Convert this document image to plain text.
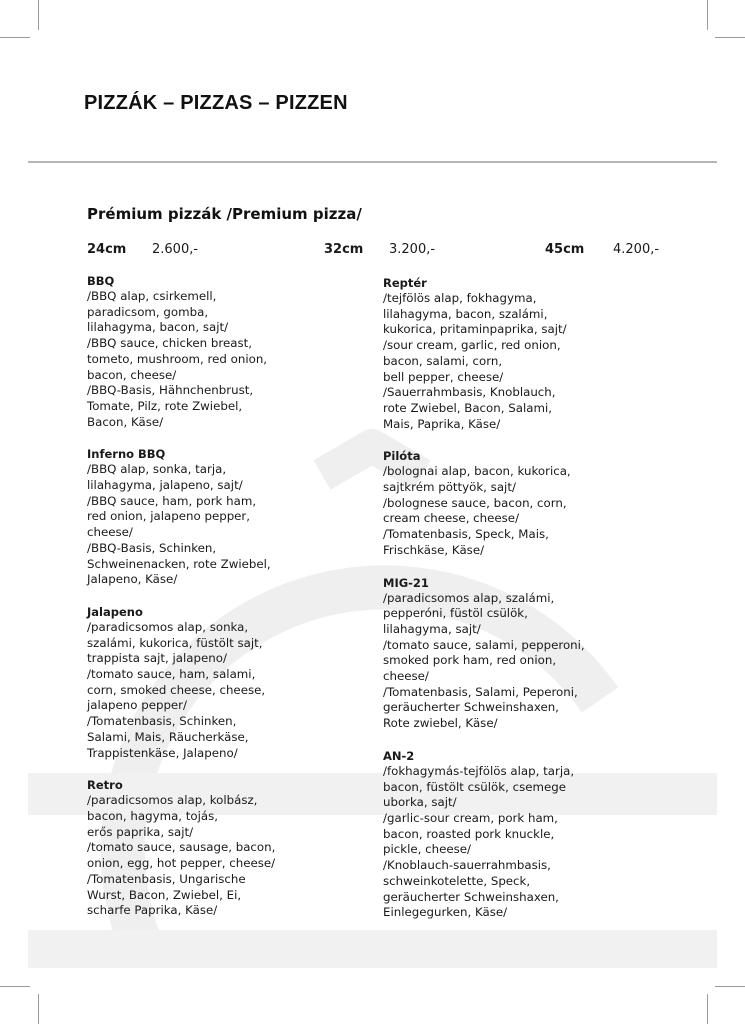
PIZZÁK – PIZZAS – PIZZEN
Prémium pizzák /Premium pizza/
24cm 2.600,-	32cm 3.200,-	45cm 4.200,-

BBQ

/BBQ alap, csirkemell,
paradicsom, gomba,
lilahagyma, bacon, sajt/
/BBQ sauce, chicken breast,
tometo, mushroom, red onion,
bacon, cheese/
/BBQ-Basis, Hähnchenbrust,
Tomate, Pilz, rote Zwiebel,
Bacon, Käse/

Inferno BBQ

/BBQ alap, sonka, tarja,
lilahagyma, jalapeno, sajt/
/BBQ sauce, ham, pork ham,
red onion, jalapeno pepper,
cheese/
/BBQ-Basis, Schinken,
Schweinenacken, rote Zwiebel,
Jalapeno, Käse/

Jalapeno

/paradicsomos alap, sonka,
szalámi, kukorica, füstölt sajt,
trappista sajt, jalapeno/
/tomato sauce, ham, salami,
corn, smoked cheese, cheese,
jalapeno pepper/
/Tomatenbasis, Schinken,
Salami, Mais, Räucherkäse,
Trappistenkäse, Jalapeno/

Retro

/paradicsomos alap, kolbász,
bacon, hagyma, tojás,
erős paprika, sajt/
/tomato sauce, sausage, bacon,
onion, egg, hot pepper, cheese/
/Tomatenbasis, Ungarische
Wurst, Bacon, Zwiebel, Ei,
scharfe Paprika, Käse/

Reptér

/tejfölös alap, fokhagyma,
lilahagyma, bacon, szalámi,
kukorica, pritaminpaprika, sajt/
/sour cream, garlic, red onion,
bacon, salami, corn,
bell pepper, cheese/
/Sauerrahmbasis, Knoblauch,
rote Zwiebel, Bacon, Salami,
Mais, Paprika, Käse/

Pilóta

/bolognai alap, bacon, kukorica,
sajtkrém pöttyök, sajt/
/bolognese sauce, bacon, corn,
cream cheese, cheese/
/Tomatenbasis, Speck, Mais,
Frischkäse, Käse/

MIG-21

/paradicsomos alap, szalámi,
pepperóni, füstöl csülök,
lilahagyma, sajt/
/tomato sauce, salami, pepperoni,
smoked pork ham, red onion,
cheese/
/Tomatenbasis, Salami, Peperoni,
geräucherter Schweinshaxen,
Rote zwiebel, Käse/

AN-2

/fokhagymás-tejfölös alap, tarja,
bacon, füstölt csülök, csemege
uborka, sajt/
/garlic-sour cream, pork ham,
bacon, roasted pork knuckle,
pickle, cheese/
/Knoblauch-sauerrahmbasis,
schweinkotelette, Speck,
geräucherter Schweinshaxen,
Einlegegurken, Käse/
